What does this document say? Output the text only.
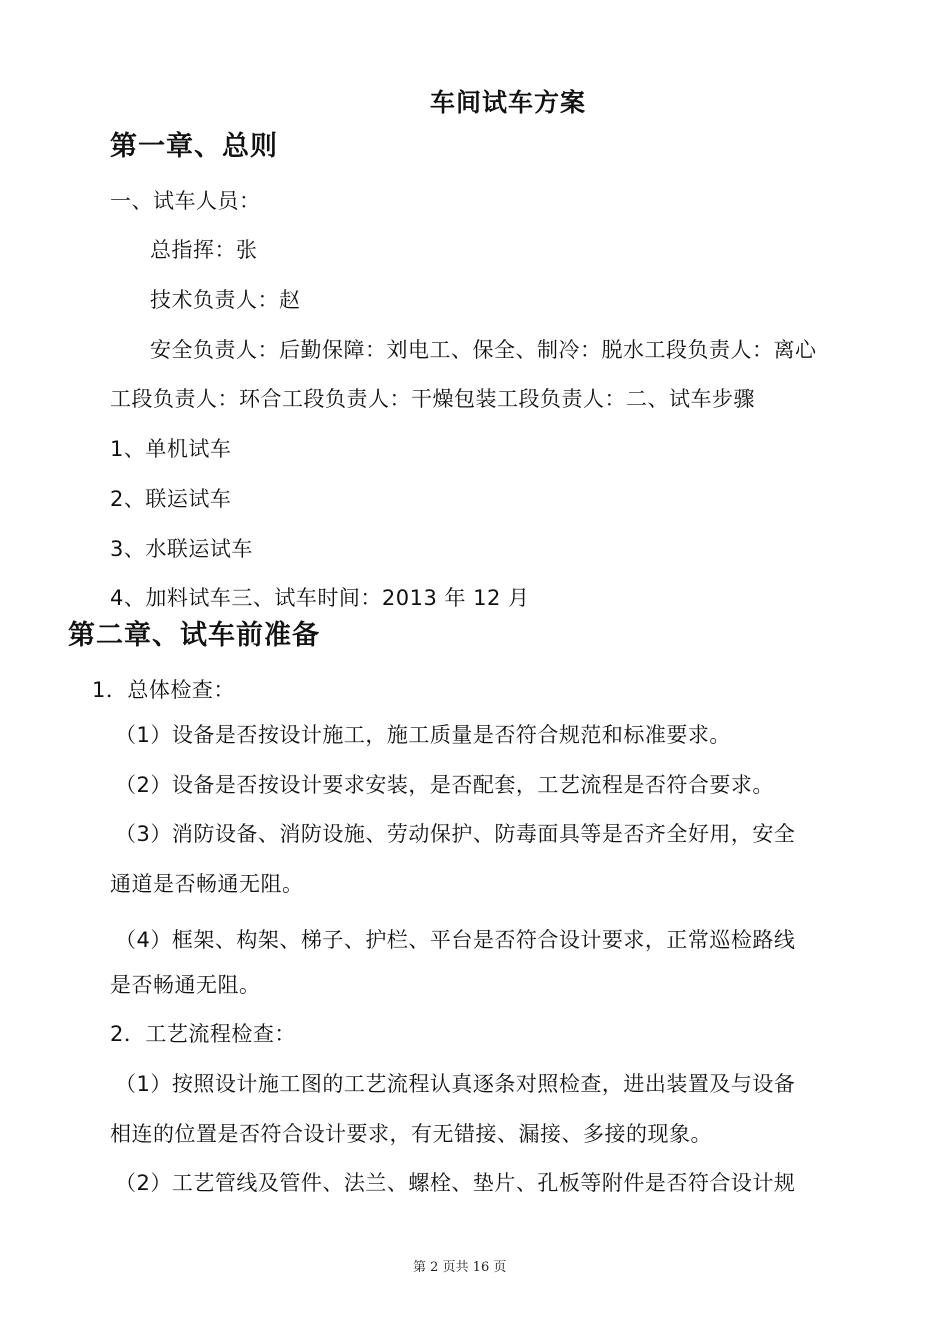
车间试车方案
第一章、总则
一、试车人员：
总指挥：张
技术负责人：赵
安全负责人：后勤保障：刘电工、保全、制冷：脱水工段负责人：离心
工段负责人：环合工段负责人：干燥包装工段负责人：二、试车步骤
1、单机试车
2、联运试车
3、水联运试车
4、加料试车三、试车时间：2013 年 12 月
第二章、试车前准备
1．总体检查：
（1）设备是否按设计施工，施工质量是否符合规范和标准要求。
（2）设备是否按设计要求安装，是否配套，工艺流程是否符合要求。
（3）消防设备、消防设施、劳动保护、防毒面具等是否齐全好用，安全
通道是否畅通无阻。
（4）框架、构架、梯子、护栏、平台是否符合设计要求，正常巡检路线
是否畅通无阻。
2．工艺流程检查：
（1）按照设计施工图的工艺流程认真逐条对照检查，进出装置及与设备
相连的位置是否符合设计要求，有无错接、漏接、多接的现象。
（2）工艺管线及管件、法兰、螺栓、垫片、孔板等附件是否符合设计规
第 2 页共 16 页
